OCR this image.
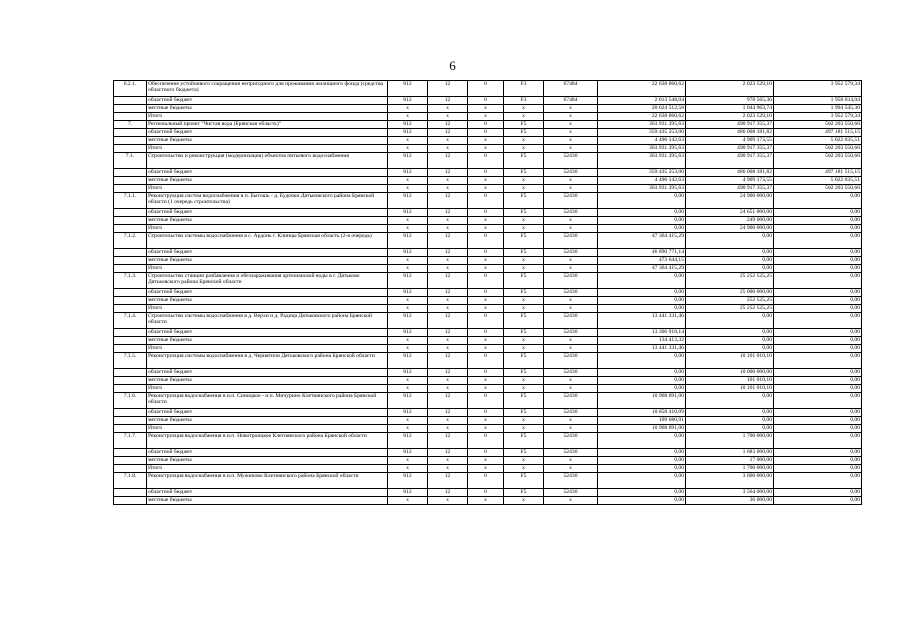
6
6.2.1.	Обеспечение устойчивого сокращения непригодного для проживания жилищного фонда (средства областного бюджета)	812	12	0	F3	67484	22 638 060,62	2 023 529,10	3 952 579,34
	областной бюджет	812	12	0	F3	67484	2 013 548,04	978 565,36	1 958 034,04
	местные бюджеты	х	х	х	х	х	20 624 512,58	1 044 963,74	1 994 545,30
	Итого	х	х	х	х	х	22 638 060,62	2 023 529,10	3 952 579,34
7.	Региональный проект "Чистая вода (Брянская область)"	812	12	0	F5	х	363 931 395,63	490 917 355,37	502 203 550,66
	областной бюджет	812	12	0	F5	х	359 435 253,00	486 008 181,82	497 181 515,15
	местные бюджеты	х	х	х	х	х	4 496 142,63	4 909 173,55	5 022 035,51
	Итого	х	х	х	х	х	363 931 395,63	490 917 355,37	502 203 550,66
7.1.	Строительство и реконструкция (модернизация) объектов питьевого водоснабжения	812	12	0	F5	52430	363 931 395,63	490 917 355,37	502 203 550,66
	областной бюджет	812	12	0	F5	52430	359 435 253,00	486 008 181,82	497 181 515,15
	местные бюджеты	х	х	х	х	х	4 496 142,63	4 909 173,55	5 022 035,51
	Итого	х	х	х	х	х	363 931 395,63	490 917 355,37	502 203 550,66
7.1.1.	Реконструкция систем водоснабжения в п. Бытошь - д. Будочки Дятьковского района Брянской области (1 очередь строительства)	812	12	0	F5	52430	0,00	24 900 000,00	0,00
	областной бюджет	812	12	0	F5	52430	0,00	24 651 000,00	0,00
	местные бюджеты	х	х	х	х	х	0,00	249 000,00	0,00
	Итого	х	х	х	х	х	0,00	24 900 000,00	0,00
7.1.2.	Строительство системы водоснабжения в с. Ардонь г. Клинцы Брянская область (2-я очередь)	812	12	0	F5	52430	47 364 415,29	0,00	0,00
	областной бюджет	812	12	0	F5	52430	46 890 771,14	0,00	0,00
	местные бюджеты	х	х	х	х	х	473 644,15	0,00	0,00
	Итого	х	х	х	х	х	47 364 415,29	0,00	0,00
7.1.3.	Строительство станции разбавления и обеззараживания артезианской воды в г. Дятьково Дятьковского района Брянской области	812	12	0	F5	52430	0,00	25 252 525,25	0,00
	областной бюджет	812	12	0	F5	52430	0,00	25 000 000,00	0,00
	местные бюджеты	х	х	х	х	х	0,00	252 525,25	0,00
	Итого	х	х	х	х	х	0,00	25 252 525,25	0,00
7.1.4.	Строительство системы водоснабжения в д. Верхи и д. Радица Дятьковского района Брянской области	812	12	0	F5	52430	13 441 331,46	0,00	0,00
	областной бюджет	812	12	0	F5	52430	13 306 918,14	0,00	0,00
	местные бюджеты	х	х	х	х	х	134 413,32	0,00	0,00
	Итого	х	х	х	х	х	13 441 331,46	0,00	0,00
7.1.5.	Реконструкция системы водоснабжения в д. Чернятичи Дятьковского района Брянской области	812	12	0	F5	52430	0,00	10 101 010,10	0,00
	областной бюджет	812	12	0	F5	52430	0,00	10 000 000,00	0,00
	местные бюджеты	х	х	х	х	х	0,00	101 010,10	0,00
	Итого	х	х	х	х	х	0,00	10 101 010,10	0,00
7.1.6.	Реконструкция водоснабжения в н.п. Синицкое - н.п. Мичурино Клетнянского района Брянской области	812	12	0	F5	52430	10 968 091,00	0,00	0,00
	областной бюджет	812	12	0	F5	52430	10 858 410,09	0,00	0,00
	местные бюджеты	х	х	х	х	х	109 680,91	0,00	0,00
	Итого	х	х	х	х	х	10 968 091,00	0,00	0,00
7.1.7.	Реконструкция водоснабжения в н.п. Новотроицкое Клетнянского района Брянской области	812	12	0	F5	52430	0,00	1 700 000,00	0,00
	областной бюджет	812	12	0	F5	52430	0,00	1 683 000,00	0,00
	местные бюджеты	х	х	х	х	х	0,00	17 000,00	0,00
	Итого	х	х	х	х	х	0,00	1 700 000,00	0,00
7.1.8.	Реконструкция водоснабжения в н.п. Мужиново Клетнянского района Брянской области	812	12	0	F5	52430	0,00	3 600 000,00	0,00
	областной бюджет	812	12	0	F5	52430	0,00	3 564 000,00	0,00
	местные бюджеты	х	х	х	х	х	0,00	36 000,00	0,00
